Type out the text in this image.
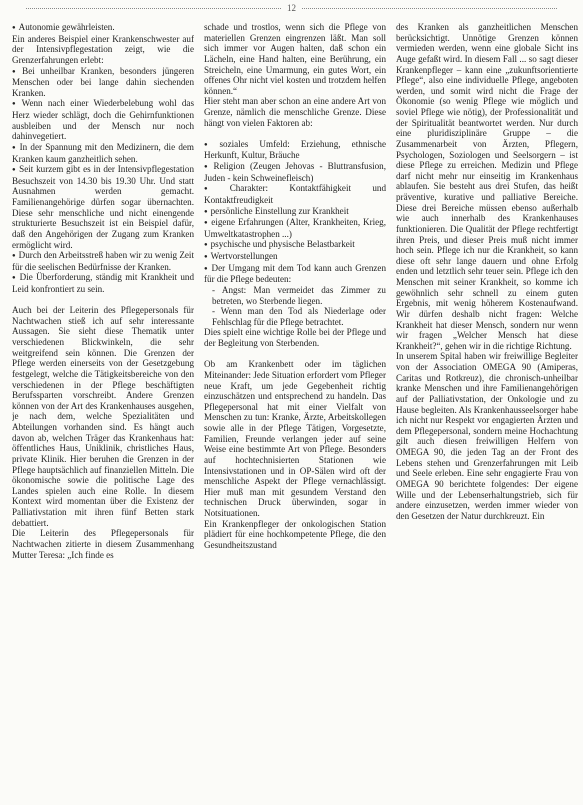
12

● Autonomie gewährleisten.

Ein anderes Beispiel einer Krankenschwester auf der Intensivpflegestation zeigt, wie die Grenzerfahrungen erlebt:

● Bei unheilbar Kranken, besonders jüngeren Menschen oder bei lange dahin siechenden Kranken.

● Wenn nach einer Wiederbelebung wohl das Herz wieder schlägt, doch die Gehirnfunktionen ausbleiben und der Mensch nur noch dahinvegetiert.

● In der Spannung mit den Medizinern, die dem Kranken kaum ganzheitlich sehen.

● Seit kurzem gibt es in der Intensivpflegestation Besuchszeit von 14.30 bis 19.30 Uhr. Und statt Ausnahmen werden gemacht. Familienangehörige dürfen sogar übernachten. Diese sehr menschliche und nicht einengende strukturierte Besuchszeit ist ein Beispiel dafür, daß den Angehörigen der Zugang zum Kranken ermöglicht wird.

● Durch den Arbeitsstreß haben wir zu wenig Zeit für die seelischen Bedürfnisse der Kranken.

● Die Überforderung, ständig mit Krankheit und Leid konfrontiert zu sein.

Auch bei der Leiterin des Pflegepersonals für Nachtwachen stieß ich auf sehr interessante Aussagen. Sie sieht diese Thematik unter verschiedenen Blickwinkeln, die sehr weitgreifend sein können. Die Grenzen der Pflege werden einerseits von der Gesetzgebung festgelegt, welche die Tätigkeitsbereiche von den verschiedenen in der Pflege beschäftigten Berufssparten vorschreibt. Andere Grenzen können von der Art des Krankenhauses ausgehen, je nach dem, welche Spezialitäten und Abteilungen vorhanden sind. Es hängt auch davon ab, welchen Träger das Krankenhaus hat: öffentliches Haus, Uniklinik, christliches Haus, private Klinik. Hier beruhen die Grenzen in der Pflege hauptsächlich auf finanziellen Mitteln. Die ökonomische sowie die politische Lage des Landes spielen auch eine Rolle. In diesem Kontext wird momentan über die Existenz der Palliativstation mit ihren fünf Betten stark debattiert.

Die Leiterin des Pflegepersonals für Nachtwachen zitierte in diesem Zusammenhang Mutter Teresa: „Ich finde es

schade und trostlos, wenn sich die Pflege von materiellen Grenzen eingrenzen läßt. Man soll sich immer vor Augen halten, daß schon ein Lächeln, eine Hand halten, eine Berührung, ein Streicheln, eine Umarmung, ein gutes Wort, ein offenes Ohr nicht viel kosten und trotzdem helfen können.“

Hier steht man aber schon an eine andere Art von Grenze, nämlich die menschliche Grenze. Diese hängt von vielen Faktoren ab:

● soziales Umfeld: Erziehung, ethnische Herkunft, Kultur, Bräuche

● Religion (Zeugen Jehovas - Bluttransfusion, Juden - kein Schweinefleisch)

● Charakter: Kontaktfähigkeit und Kontaktfreudigkeit

● persönliche Einstellung zur Krankheit

● eigene Erfahrungen (Alter, Krankheiten, Krieg, Umweltkatastrophen ...)

● psychische und physische Belastbarkeit

● Wertvorstellungen

● Der Umgang mit dem Tod kann auch Grenzen für die Pflege bedeuten:

- Angst: Man vermeidet das Zimmer zu betreten, wo Sterbende liegen.

- Wenn man den Tod als Niederlage oder Fehlschlag für die Pflege betrachtet.

Dies spielt eine wichtige Rolle bei der Pflege und der Begleitung von Sterbenden.

Ob am Krankenbett oder im täglichen Miteinander: Jede Situation erfordert vom Pfleger neue Kraft, um jede Gegebenheit richtig einzuschätzen und entsprechend zu handeln. Das Pflegepersonal hat mit einer Vielfalt von Menschen zu tun: Kranke, Ärzte, Arbeitskollegen sowie alle in der Pflege Tätigen, Vorgesetzte, Familien, Freunde verlangen jeder auf seine Weise eine bestimmte Art von Pflege. Besonders auf hochtechnisierten Stationen wie Intensivstationen und in OP-Sälen wird oft der menschliche Aspekt der Pflege vernachlässigt. Hier muß man mit gesundem Verstand den technischen Druck überwinden, sogar in Notsituationen.

Ein Krankenpfleger der onkologischen Station plädiert für eine hochkompetente Pflege, die den Gesundheitszustand

des Kranken als ganzheitlichen Menschen berücksichtigt. Unnötige Grenzen können vermieden werden, wenn eine globale Sicht ins Auge gefaßt wird. In diesem Fall ... so sagt dieser Krankenpfleger – kann eine „zukunftsorientierte Pflege“, also eine individuelle Pflege, angeboten werden, und somit wird nicht die Frage der Ökonomie (so wenig Pflege wie möglich und soviel Pflege wie nötig), der Professionalität und der Spiritualität beantwortet werden. Nur durch eine pluridisziplinäre Gruppe – die Zusammenarbeit von Ärzten, Pflegern, Psychologen, Soziologen und Seelsorgern – ist diese Pflege zu erreichen. Medizin und Pflege darf nicht mehr nur einseitig im Krankenhaus ablaufen. Sie besteht aus drei Stufen, das heißt präventive, kurative und palliative Bereiche. Diese drei Bereiche müssen ebenso außerhalb wie auch innerhalb des Krankenhauses funktionieren. Die Qualität der Pflege rechtfertigt ihren Preis, und dieser Preis muß nicht immer hoch sein. Pflege ich nur die Krankheit, so kann diese oft sehr lange dauern und ohne Erfolg enden und letztlich sehr teuer sein. Pflege ich den Menschen mit seiner Krankheit, so komme ich gewöhnlich sehr schnell zu einem guten Ergebnis, mit wenig höherem Kostenaufwand. Wir dürfen deshalb nicht fragen: Welche Krankheit hat dieser Mensch, sondern nur wenn wir fragen „Welcher Mensch hat diese Krankheit?“, gehen wir in die richtige Richtung.

In unserem Spital haben wir freiwillige Begleiter von der Association OMEGA 90 (Amiperas, Caritas und Rotkreuz), die chronisch-unheilbar kranke Menschen und ihre Familienangehörigen auf der Palliativstation, der Onkologie und zu Hause begleiten. Als Krankenhausseelsorger habe ich nicht nur Respekt vor engagierten Ärzten und dem Pflegepersonal, sondern meine Hochachtung gilt auch diesen freiwilligen Helfern von OMEGA 90, die jeden Tag an der Front des Lebens stehen und Grenzerfahrungen mit Leib und Seele erleben. Eine sehr engagierte Frau von OMEGA 90 berichtete folgendes: Der eigene Wille und der Lebenserhaltungstrieb, sich für andere einzusetzen, werden immer wieder von den Gesetzen der Natur durchkreuzt. Ein
